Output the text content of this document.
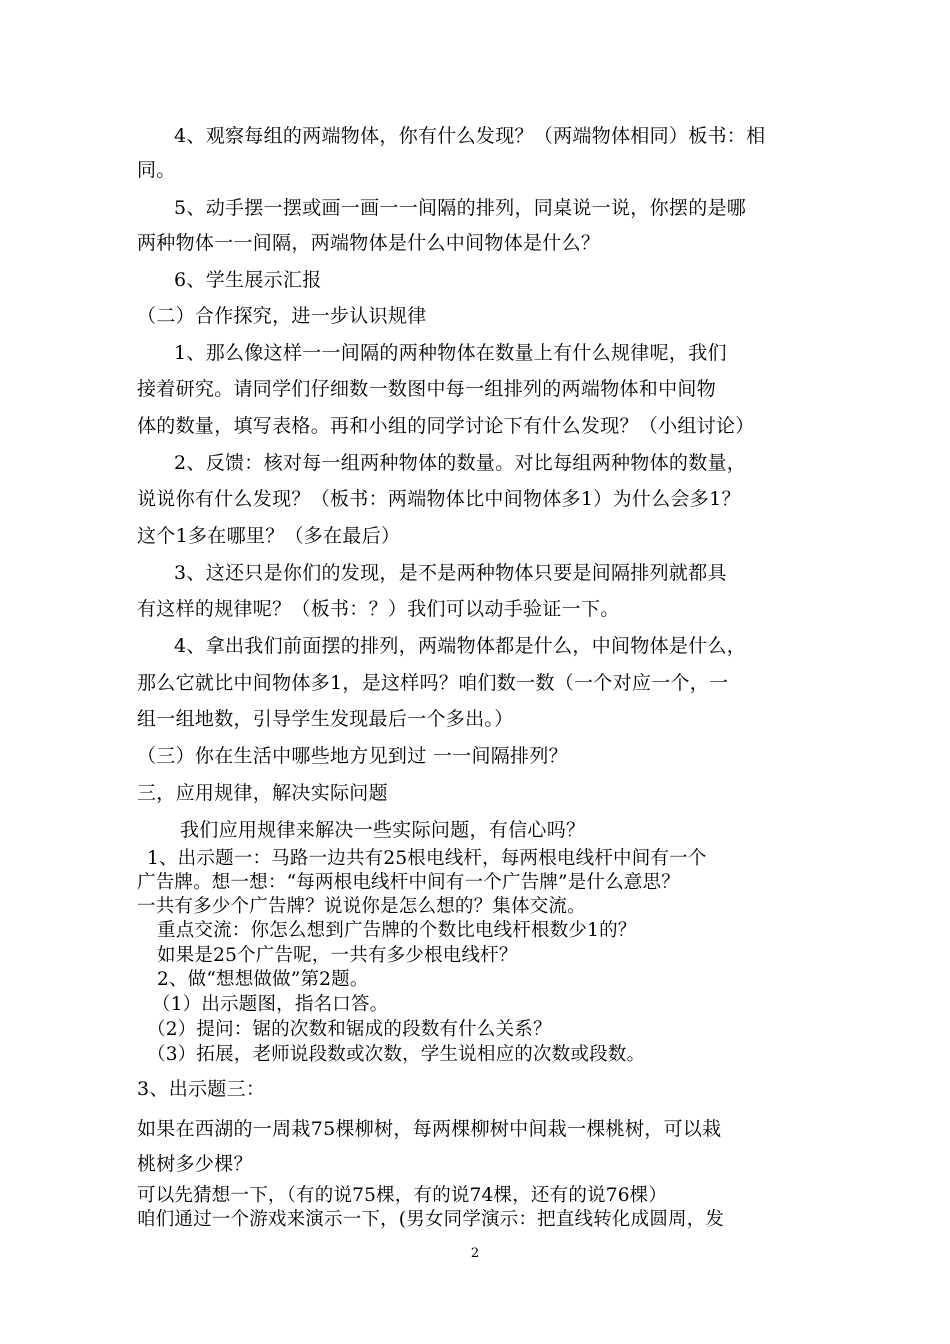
4、观察每组的两端物体，你有什么发现？（两端物体相同）板书：相
同。
5、动手摆一摆或画一画一一间隔的排列，同桌说一说，你摆的是哪
两种物体一一间隔，两端物体是什么中间物体是什么？
6、学生展示汇报
（二）合作探究，进一步认识规律
1、那么像这样一一间隔的两种物体在数量上有什么规律呢，我们
接着研究。请同学们仔细数一数图中每一组排列的两端物体和中间物
体的数量，填写表格。再和小组的同学讨论下有什么发现？（小组讨论）
2、反馈：核对每一组两种物体的数量。对比每组两种物体的数量，
说说你有什么发现？（板书：两端物体比中间物体多1）为什么会多1？
这个1多在哪里？（多在最后）
3、这还只是你们的发现，是不是两种物体只要是间隔排列就都具
有这样的规律呢？（板书：？）我们可以动手验证一下。
4、拿出我们前面摆的排列，两端物体都是什么，中间物体是什么，
那么它就比中间物体多1，是这样吗？咱们数一数（一个对应一个，一
组一组地数，引导学生发现最后一个多出。）
（三）你在生活中哪些地方见到过 一一间隔排列？
三，应用规律，解决实际问题
我们应用规律来解决一些实际问题，有信心吗？
1、出示题一：马路一边共有25根电线杆，每两根电线杆中间有一个
广告牌。想一想：“每两根电线杆中间有一个广告牌”是什么意思？
一共有多少个广告牌？说说你是怎么想的？集体交流。
重点交流：你怎么想到广告牌的个数比电线杆根数少1的？
如果是25个广告呢，一共有多少根电线杆？
2、做“想想做做”第2题。
（1）出示题图，指名口答。
（2）提问：锯的次数和锯成的段数有什么关系？
（3）拓展，老师说段数或次数，学生说相应的次数或段数。
3、出示题三：
如果在西湖的一周栽75棵柳树，每两棵柳树中间栽一棵桃树，可以栽
桃树多少棵？
可以先猜想一下，（有的说75棵，有的说74棵，还有的说76棵）
咱们通过一个游戏来演示一下，(男女同学演示：把直线转化成圆周，发
2
